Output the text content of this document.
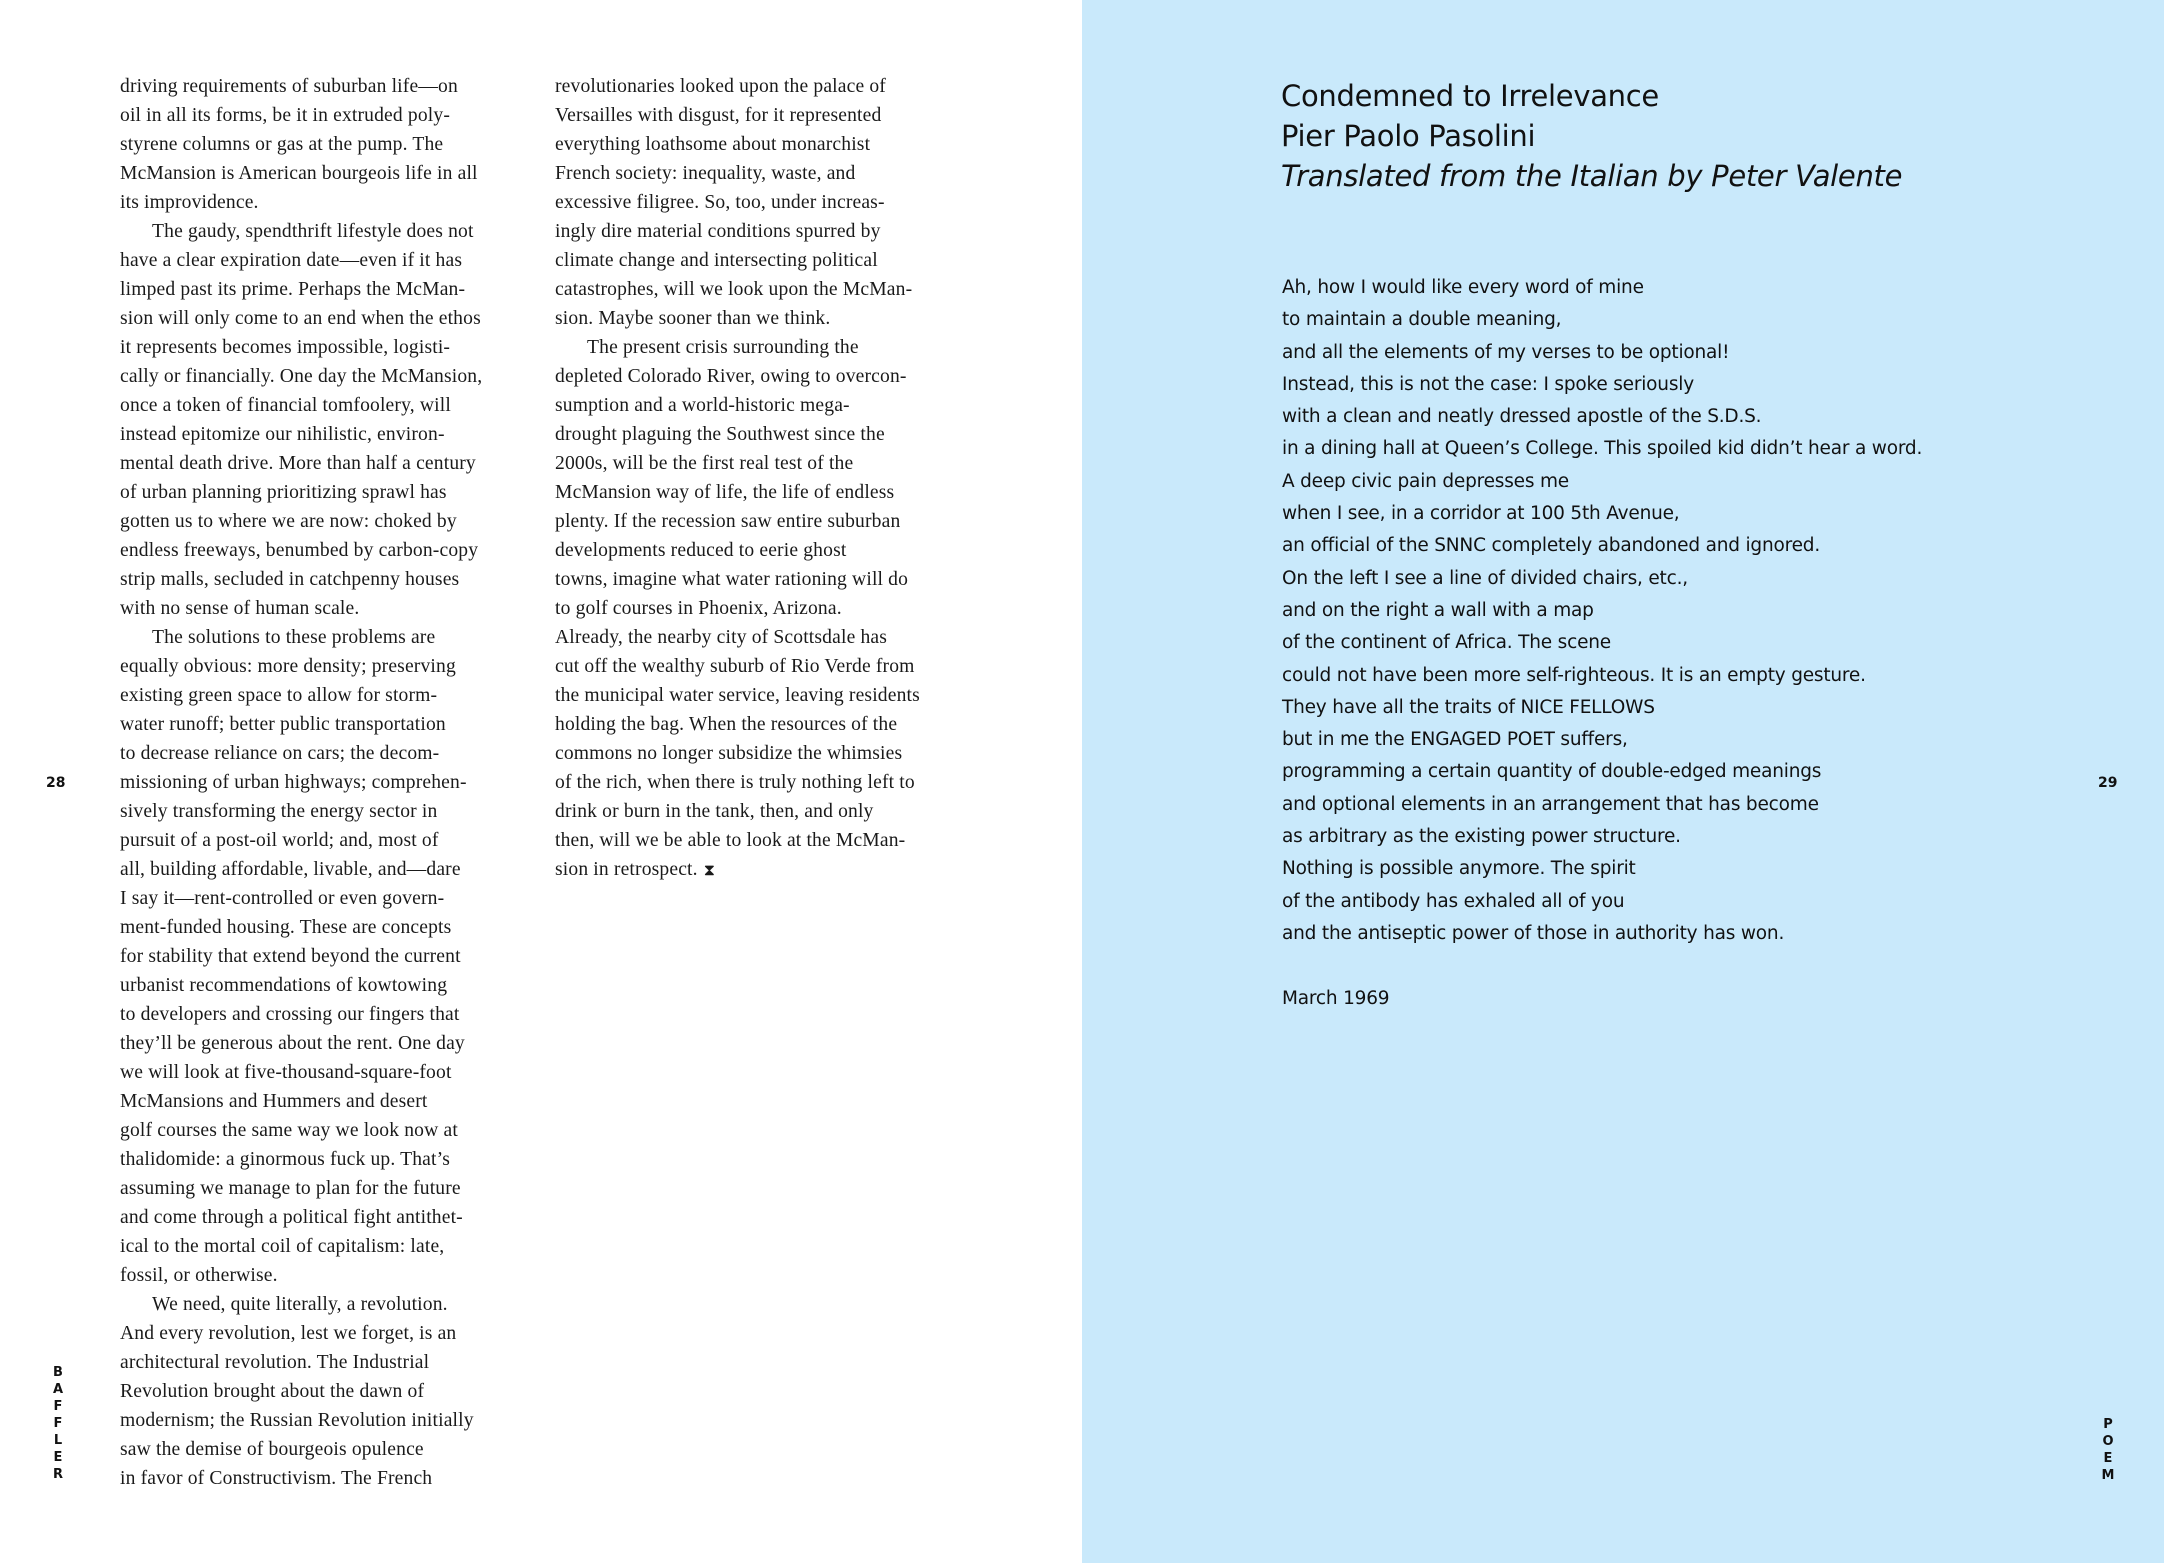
driving requirements of suburban life—on
oil in all its forms, be it in extruded poly-
styrene columns or gas at the pump. The
McMansion is American bourgeois life in all
its improvidence.
The gaudy, spendthrift lifestyle does not
have a clear expiration date—even if it has
limped past its prime. Perhaps the McMan-
sion will only come to an end when the ethos
it represents becomes impossible, logisti-
cally or financially. One day the McMansion,
once a token of financial tomfoolery, will
instead epitomize our nihilistic, environ-
mental death drive. More than half a century
of urban planning prioritizing sprawl has
gotten us to where we are now: choked by
endless freeways, benumbed by carbon-copy
strip malls, secluded in catchpenny houses
with no sense of human scale.
The solutions to these problems are
equally obvious: more density; preserving
existing green space to allow for storm-
water runoff; better public transportation
to decrease reliance on cars; the decom-
missioning of urban highways; comprehen-
sively transforming the energy sector in
pursuit of a post-oil world; and, most of
all, building affordable, livable, and—dare
I say it—rent-controlled or even govern-
ment-funded housing. These are concepts
for stability that extend beyond the current
urbanist recommendations of kowtowing
to developers and crossing our fingers that
they’ll be generous about the rent. One day
we will look at five-thousand-square-foot
McMansions and Hummers and desert
golf courses the same way we look now at
thalidomide: a ginormous fuck up. That’s
assuming we manage to plan for the future
and come through a political fight antithet-
ical to the mortal coil of capitalism: late,
fossil, or otherwise.
We need, quite literally, a revolution.
And every revolution, lest we forget, is an
architectural revolution. The Industrial
Revolution brought about the dawn of
modernism; the Russian Revolution initially
saw the demise of bourgeois opulence
in favor of Constructivism. The French
revolutionaries looked upon the palace of
Versailles with disgust, for it represented
everything loathsome about monarchist
French society: inequality, waste, and
excessive filigree. So, too, under increas-
ingly dire material conditions spurred by
climate change and intersecting political
catastrophes, will we look upon the McMan-
sion. Maybe sooner than we think.
The present crisis surrounding the
depleted Colorado River, owing to overcon-
sumption and a world-historic mega-
drought plaguing the Southwest since the
2000s, will be the first real test of the
McMansion way of life, the life of endless
plenty. If the recession saw entire suburban
developments reduced to eerie ghost
towns, imagine what water rationing will do
to golf courses in Phoenix, Arizona.
Already, the nearby city of Scottsdale has
cut off the wealthy suburb of Rio Verde from
the municipal water service, leaving residents
holding the bag. When the resources of the
commons no longer subsidize the whimsies
of the rich, when there is truly nothing left to
drink or burn in the tank, then, and only
then, will we be able to look at the McMan-
sion in retrospect. ⧗
28
B
A
F
F
L
E
R
Condemned to Irrelevance
Pier Paolo Pasolini
Translated from the Italian by Peter Valente
Ah, how I would like every word of mine
to maintain a double meaning,
and all the elements of my verses to be optional!
Instead, this is not the case: I spoke seriously
with a clean and neatly dressed apostle of the S.D.S.
in a dining hall at Queen’s College. This spoiled kid didn’t hear a word.
A deep civic pain depresses me
when I see, in a corridor at 100 5th Avenue,
an official of the SNNC completely abandoned and ignored.
On the left I see a line of divided chairs, etc.,
and on the right a wall with a map
of the continent of Africa. The scene
could not have been more self-righteous. It is an empty gesture.
They have all the traits of NICE FELLOWS
but in me the ENGAGED POET suffers,
programming a certain quantity of double-edged meanings
and optional elements in an arrangement that has become
as arbitrary as the existing power structure.
Nothing is possible anymore. The spirit
of the antibody has exhaled all of you
and the antiseptic power of those in authority has won.
March 1969
29
P
O
E
M
